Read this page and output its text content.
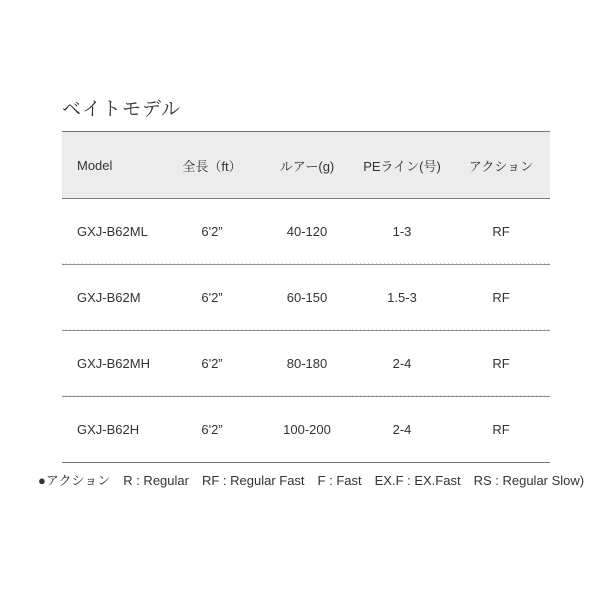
ベイトモデル
Model	全長（ft）	ルアー(g)	PEライン(号)	アクション
GXJ-B62ML	6'2”	40-120	1-3	RF
GXJ-B62M	6'2”	60-150	1.5-3	RF
GXJ-B62MH	6'2”	80-180	2-4	RF
GXJ-B62H	6'2”	100-200	2-4	RF

●アクション R : Regular RF : Regular Fast F : Fast EX.F : EX.Fast RS : Regular Slow)
